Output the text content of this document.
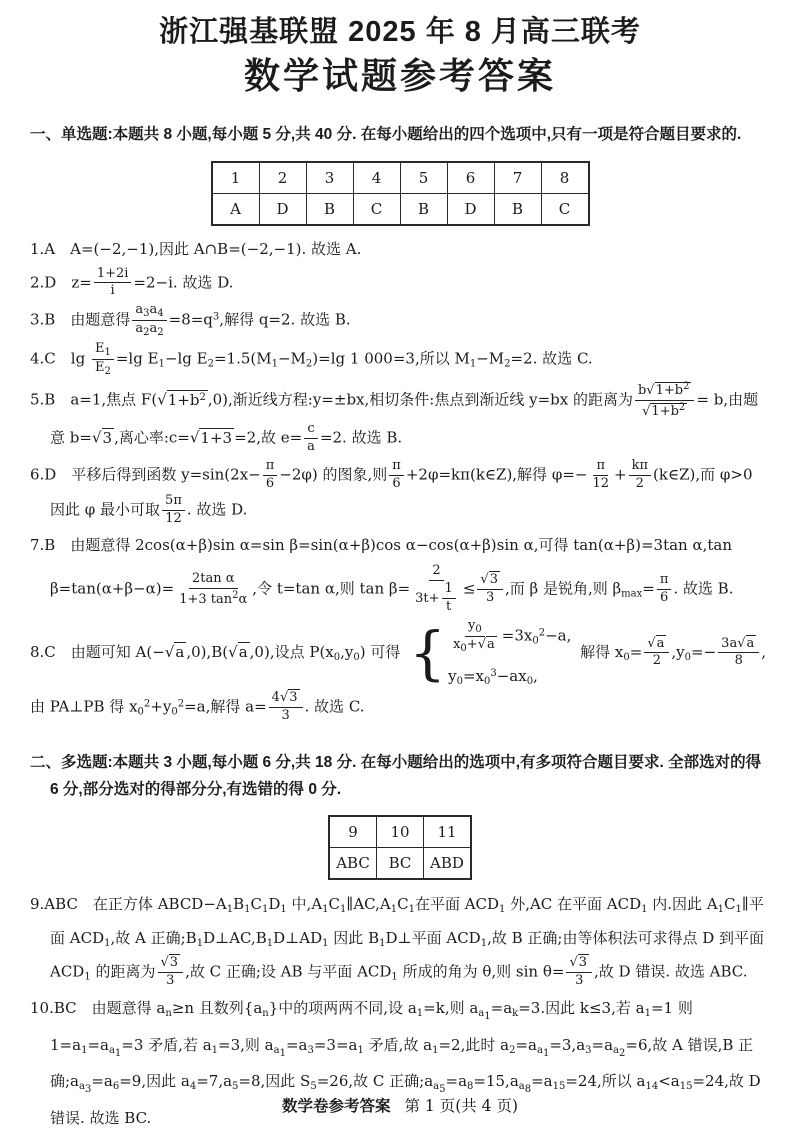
浙江强基联盟 2025 年 8 月高三联考
数学试题参考答案
一、单选题:本题共 8 小题,每小题 5 分,共 40 分. 在每小题给出的四个选项中,只有一项是符合题目要求的.
1	2	3	4	5	6	7	8
A	D	B	C	B	D	B	C
1.A  A=(−2,−1),因此 A∩B=(−2,−1). 故选 A.
2.D  $z= \frac{1+2i}{i} =2-i$. 故选 D.
3.B  由题意得 $\frac{a_3a_4}{a_2a_2} =8=q^3$,解得 q=2. 故选 B.
4.C  $\lg \frac{E_1}{E_2} =\lg$ $E_1-\lg$ $E_2=1.5(M_1-M_2)=\lg$ 1 000=3,所以 $M_1-M_2=2$. 故选 C.
5.B  a=1,焦点 $F(√1+b^2$ ,0),渐近线方程:y=±bx,相切条件:焦点到渐近线 y=bx 的距离为 $\frac{b√1+b^2}{√1+b^2} = b$,由题意 b=√3 ,离心率:c=√1+3 =2,故 $e= \frac{c}{a} =2$. 故选 B.
6.D  平移后得到函数 $y=\sin(2x- \frac{\pi}{6} -2\varphi)$ 的图象,则 $\frac{\pi}{6}$ +2φ=kπ(k∈Z),解得 $\varphi=- \frac{\pi}{12} + \frac{k\pi}{2}$ (k∈Z),而 φ>0 因此 φ 最小可取 $\frac{5\pi}{12}$ . 故选 D.
7.B  由题意得 2cos(α+β)sin α=sin β=sin(α+β)cos α−cos(α+β)sin α,可得 tan(α+β)=3tan α,tan $\beta=\tan(\alpha+\beta-\alpha)= \frac{\text{2tan α}}{1+3 \tan^2\alpha}$ ,令 t=tan α,则 $\tan \beta= \frac{2}{3t+ \frac{1}{t}} \le \frac{√3}{3}$ ,而 β 是锐角,则 $\beta_{max}= \frac{\pi}{6}$ . 故选 B.
8.C  由题可知 A(−√a ,0),B(√a ,0),设点 $P(x_0,y_0)$ 可得
{	$\frac{y_0}{x_0+√a} =3x_0^2-a$,
$y_0=x_0^3-ax_0$,
解得 $x_0= \frac{√a}{2} ,y_0=- \frac{3a√a}{8}$ ,
由 PA⊥PB 得 $x_0^2+y_0^2=a$,解得 $a= \frac{4√3}{3}$ . 故选 C.
二、多选题:本题共 3 小题,每小题 6 分,共 18 分. 在每小题给出的选项中,有多项符合题目要求. 全部选对的得 6 分,部分选对的得部分分,有选错的得 0 分.
9	10	11
ABC	BC	ABD
9.ABC  在正方体 $ABCD-A_1B_1C_1D_1$ 中$,A_1C_1\parallel AC,A_1C_1$在平面 $ACD_1$ 外,AC 在平面 $ACD_1$ 内.因此 $A_1C_1\parallel$平面 $ACD_1$,故 A 正确$;B_1D\perp AC,B_1D\perp AD_1$ 因此 $B_1D\perp$平面 $ACD_1$,故 B 正确;由等体积法可求得点 D 到平面 $ACD_1$ 的距离为 $\frac{√3}{3}$ ,故 C 正确;设 AB 与平面 $ACD_1$ 所成的角为 θ,则 $\sin \theta= \frac{√3}{3}$ ,故 D 错误. 故选 ABC.
10.BC  由题意得 $a_n\ge n$ 且数列$\{a_n\}$中的项两两不同,设 $a_1=k$,则 $a_{a_1}=a_k=3$.因此 k≤3,若 $a_1=1$ 则 $1=a_1=a_{a_1}=3$ 矛盾,若 $a_1=3$,则 $a_{a_1}=a_3=3=a_1$ 矛盾,故 $a_1=2$,此时 $a_2=a_{a_1}=3,a_3=a_{a_2}=6$,故 A 错误,B 正确$;a_{a_3}=a_6=9$,因此 $a_4=7,a_5=8$,因此 $S_5=26$,故 C 正确$;a_{a_5}=a_8=15,a_{a_8}=a_{15}=24$,所以 $a_{14}<a_{15}=24$,故 D 错误. 故选 BC.
数学卷参考答案 第 1 页(共 4 页)
